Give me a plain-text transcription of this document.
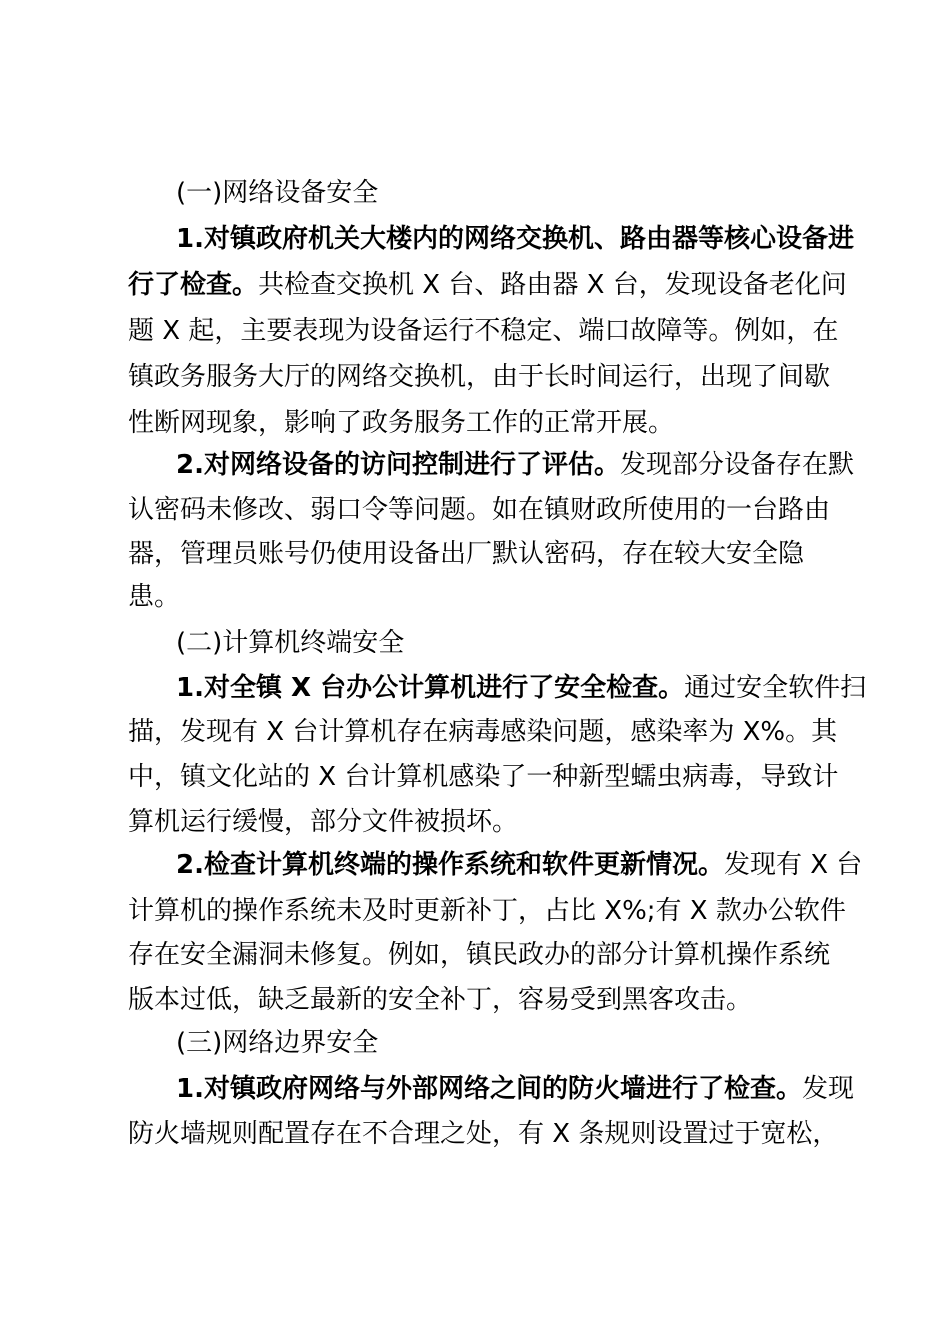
(一)网络设备安全
1.对镇政府机关大楼内的网络交换机、路由器等核心设备进
行了检查。共检查交换机 X 台、路由器 X 台，发现设备老化问
题 X 起，主要表现为设备运行不稳定、端口故障等。例如，在
镇政务服务大厅的网络交换机，由于长时间运行，出现了间歇
性断网现象，影响了政务服务工作的正常开展。
2.对网络设备的访问控制进行了评估。发现部分设备存在默
认密码未修改、弱口令等问题。如在镇财政所使用的一台路由
器，管理员账号仍使用设备出厂默认密码，存在较大安全隐
患。
(二)计算机终端安全
1.对全镇 X 台办公计算机进行了安全检查。通过安全软件扫
描，发现有 X 台计算机存在病毒感染问题，感染率为 X%。其
中，镇文化站的 X 台计算机感染了一种新型蠕虫病毒，导致计
算机运行缓慢，部分文件被损坏。
2.检查计算机终端的操作系统和软件更新情况。发现有 X 台
计算机的操作系统未及时更新补丁，占比 X%;有 X 款办公软件
存在安全漏洞未修复。例如，镇民政办的部分计算机操作系统
版本过低，缺乏最新的安全补丁，容易受到黑客攻击。
(三)网络边界安全
1.对镇政府网络与外部网络之间的防火墙进行了检查。发现
防火墙规则配置存在不合理之处，有 X 条规则设置过于宽松，
